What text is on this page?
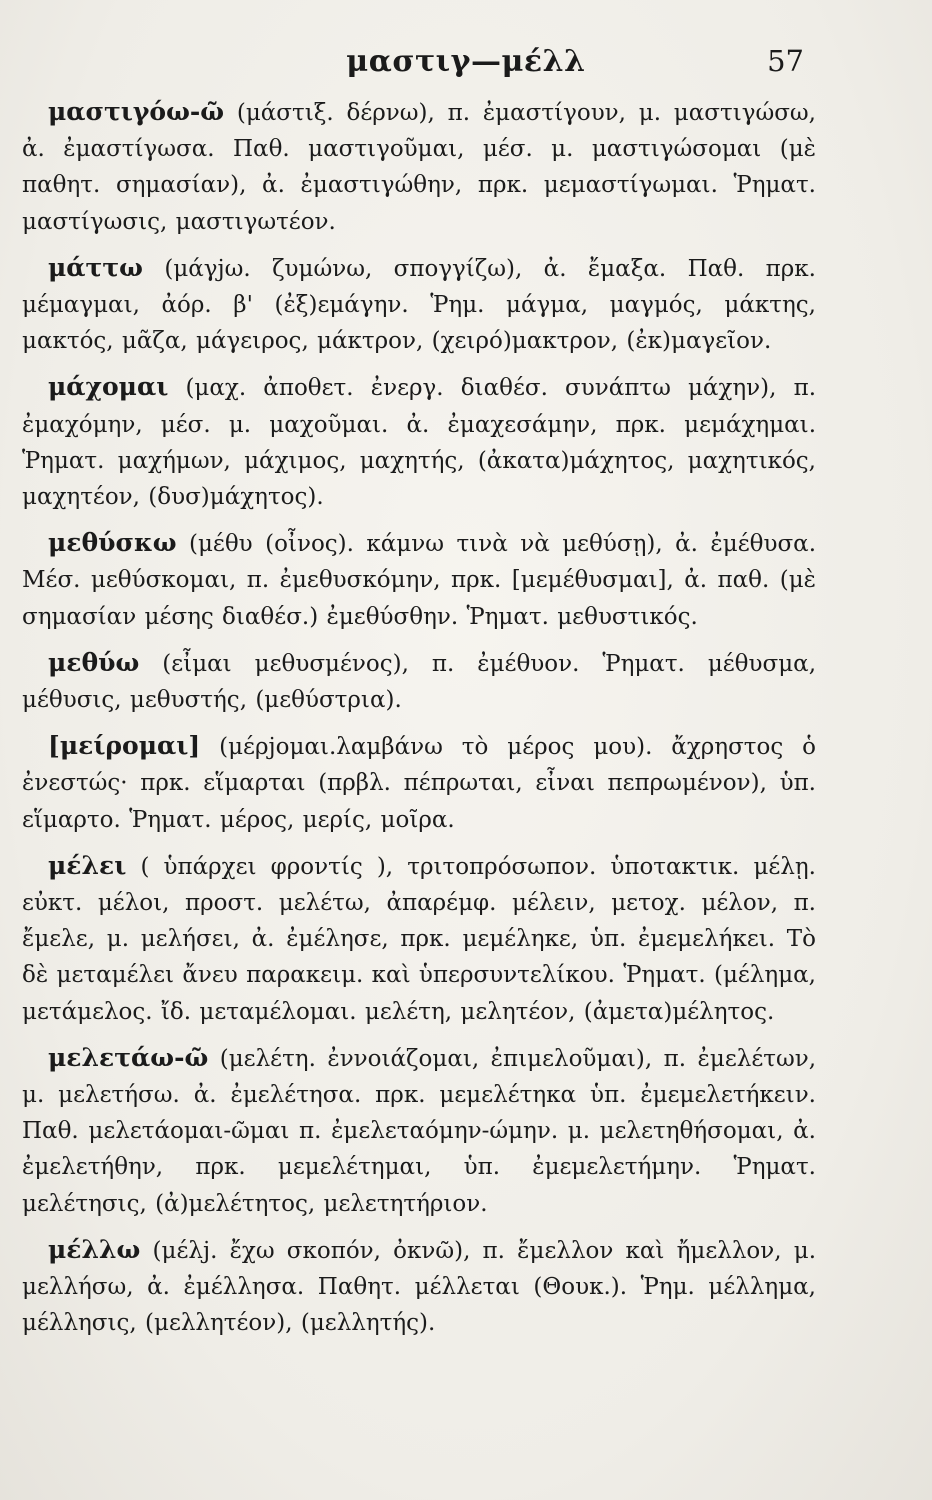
μαστιγ—μέλλ	57

μαστιγόω-ῶ (μάστιξ. δέρνω), π. ἐμαστίγουν, μ. μαστιγώσω, ἀ. ἐμαστίγωσα. Παθ. μαστιγοῦμαι, μέσ. μ. μαστιγώσομαι (μὲ παθητ. σημασίαν), ἀ. ἐμαστιγώθην, πρκ. μεμαστίγωμαι. Ῥηματ. μαστίγωσις, μαστιγωτέον.

μάττω (μάγjω. ζυμώνω, σπογγίζω), ἀ. ἔμαξα. Παθ. πρκ. μέμαγμαι, ἀόρ. β' (ἐξ)εμάγην. Ῥημ. μάγμα, μαγμός, μάκτης, μακτός, μᾶζα, μάγειρος, μάκτρον, (χειρό)μακτρον, (ἐκ)μαγεῖον.

μάχομαι (μαχ. ἀποθετ. ἐνεργ. διαθέσ. συνάπτω μάχην), π. ἐμαχόμην, μέσ. μ. μαχοῦμαι. ἀ. ἐμαχεσάμην, πρκ. μεμάχημαι. Ῥηματ. μαχήμων, μάχιμος, μαχητής, (ἀκατα)μάχητος, μαχητικός, μαχητέον, (δυσ)μάχητος).

μεθύσκω (μέθυ (οἶνος). κάμνω τινὰ νὰ μεθύσῃ), ἀ. ἐμέθυσα. Μέσ. μεθύσκομαι, π. ἐμεθυσκόμην, πρκ. [μεμέθυσμαι], ἀ. παθ. (μὲ σημασίαν μέσης διαθέσ.) ἐμεθύσθην. Ῥηματ. μεθυστικός.

μεθύω (εἶμαι μεθυσμένος), π. ἐμέθυον. Ῥηματ. μέθυσμα, μέθυσις, μεθυστής, (μεθύστρια).

[μείρομαι] (μέρjομαι.λαμβάνω τὸ μέρος μου). ἄχρηστος ὁ ἐνεστώς· πρκ. εἵμαρται (πρβλ. πέπρωται, εἶναι πεπρωμένον), ὑπ. εἵμαρτο. Ῥηματ. μέρος, μερίς, μοῖρα.

μέλει ( ὑπάρχει φροντίς ), τριτοπρόσωπον. ὑποτακτικ. μέλῃ. εὐκτ. μέλοι, προστ. μελέτω, ἀπαρέμφ. μέλειν, μετοχ. μέλον, π. ἔμελε, μ. μελήσει, ἀ. ἐμέλησε, πρκ. μεμέληκε, ὑπ. ἐμεμελήκει. Τὸ δὲ μεταμέλει ἄνευ παρακειμ. καὶ ὑπερσυντελίκου. Ῥηματ. (μέλημα, μετάμελος. ἴδ. μεταμέλομαι. μελέτη, μελητέον, (ἀμετα)μέλητος.

μελετάω-ῶ (μελέτη. ἐννοιάζομαι, ἐπιμελοῦμαι), π. ἐμελέτων, μ. μελετήσω. ἀ. ἐμελέτησα. πρκ. μεμελέτηκα ὑπ. ἐμεμελετήκειν. Παθ. μελετάομαι-ῶμαι π. ἐμελεταόμην-ώμην. μ. μελετηθήσομαι, ἀ. ἐμελετήθην, πρκ. μεμελέτημαι, ὑπ. ἐμεμελετήμην. Ῥηματ. μελέτησις, (ἀ)μελέτητος, μελετητήριον.

μέλλω (μέλj. ἔχω σκοπόν, ὀκνῶ), π. ἔμελλον καὶ ἤμελλον, μ. μελλήσω, ἀ. ἐμέλλησα. Παθητ. μέλλεται (Θουκ.). Ῥημ. μέλλημα, μέλλησις, (μελλητέον), (μελλητής).
